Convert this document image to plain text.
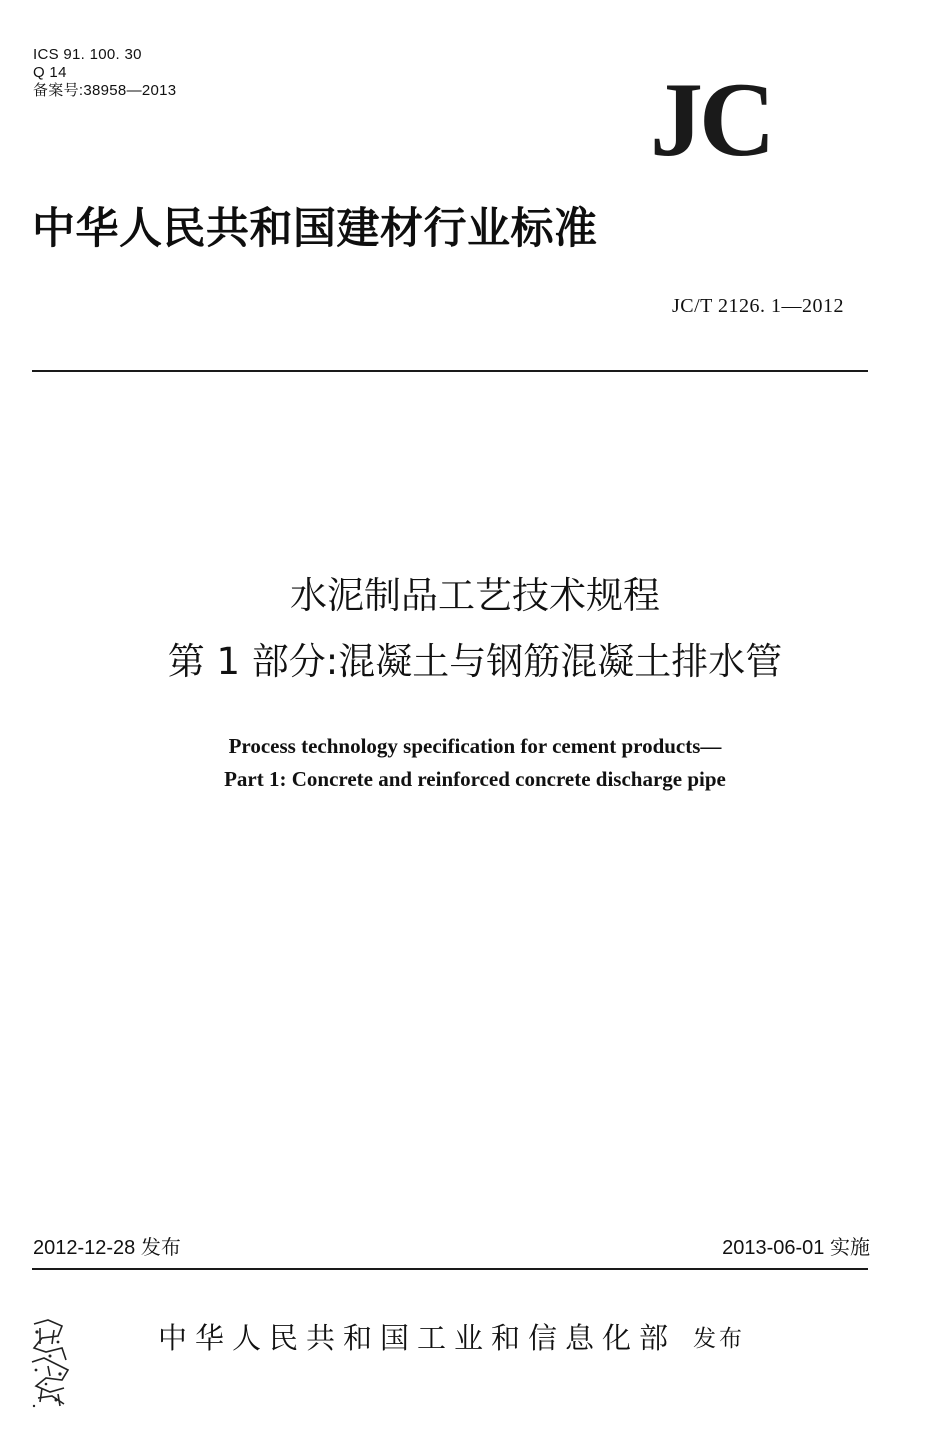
ICS 91. 100. 30
Q 14
备案号:38958—2013	JC
中华人民共和国建材行业标准
JC/T 2126. 1—2012
水泥制品工艺技术规程
第 1 部分:混凝土与钢筋混凝土排水管
Process technology specification for cement products—
Part 1: Concrete and reinforced concrete discharge pipe
2012-12-28 发布	2013-06-01 实施
中华人民共和国工业和信息化部 发布
